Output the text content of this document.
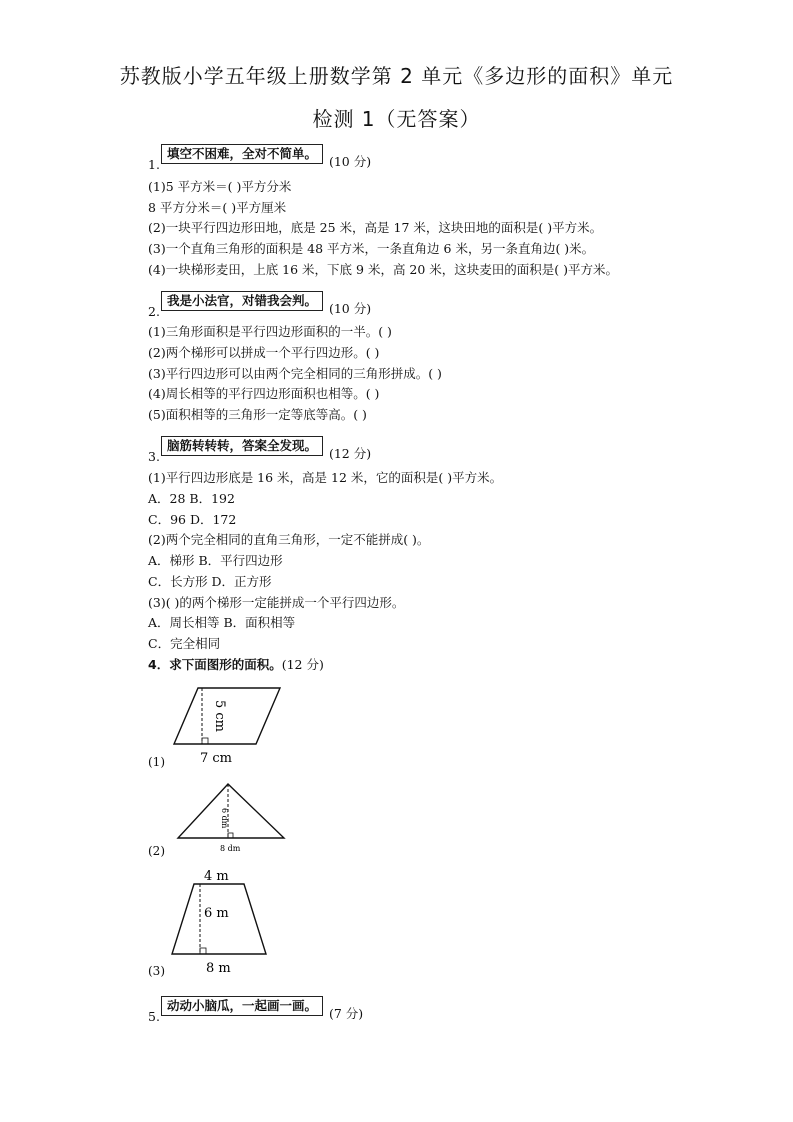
苏教版小学五年级上册数学第 2 单元《多边形的面积》单元
检测 1（无答案）
1.填空不困难，全对不简单。(10 分)
(1)5 平方米＝( )平方分米
8 平方分米＝( )平方厘米
(2)一块平行四边形田地，底是 25 米，高是 17 米，这块田地的面积是( )平方米。
(3)一个直角三角形的面积是 48 平方米，一条直角边 6 米，另一条直角边( )米。
(4)一块梯形麦田，上底 16 米，下底 9 米，高 20 米，这块麦田的面积是( )平方米。
2.我是小法官，对错我会判。(10 分)
(1)三角形面积是平行四边形面积的一半。( )
(2)两个梯形可以拼成一个平行四边形。( )
(3)平行四边形可以由两个完全相同的三角形拼成。( )
(4)周长相等的平行四边形面积也相等。( )
(5)面积相等的三角形一定等底等高。( )
3.脑筋转转转，答案全发现。(12 分)
(1)平行四边形底是 16 米，高是 12 米，它的面积是( )平方米。
A．28 B．192
C．96 D．172
(2)两个完全相同的直角三角形，一定不能拼成( )。
A．梯形 B．平行四边形
C．长方形 D．正方形
(3)( )的两个梯形一定能拼成一个平行四边形。
A．周长相等 B．面积相等
C．完全相同
4．求下面图形的面积。(12 分)
5 cm
7 cm
(1)
6 dm
8 dm
(2)
4 m
6 m
8 m
(3)
5.动动小脑瓜，一起画一画。(7 分)
